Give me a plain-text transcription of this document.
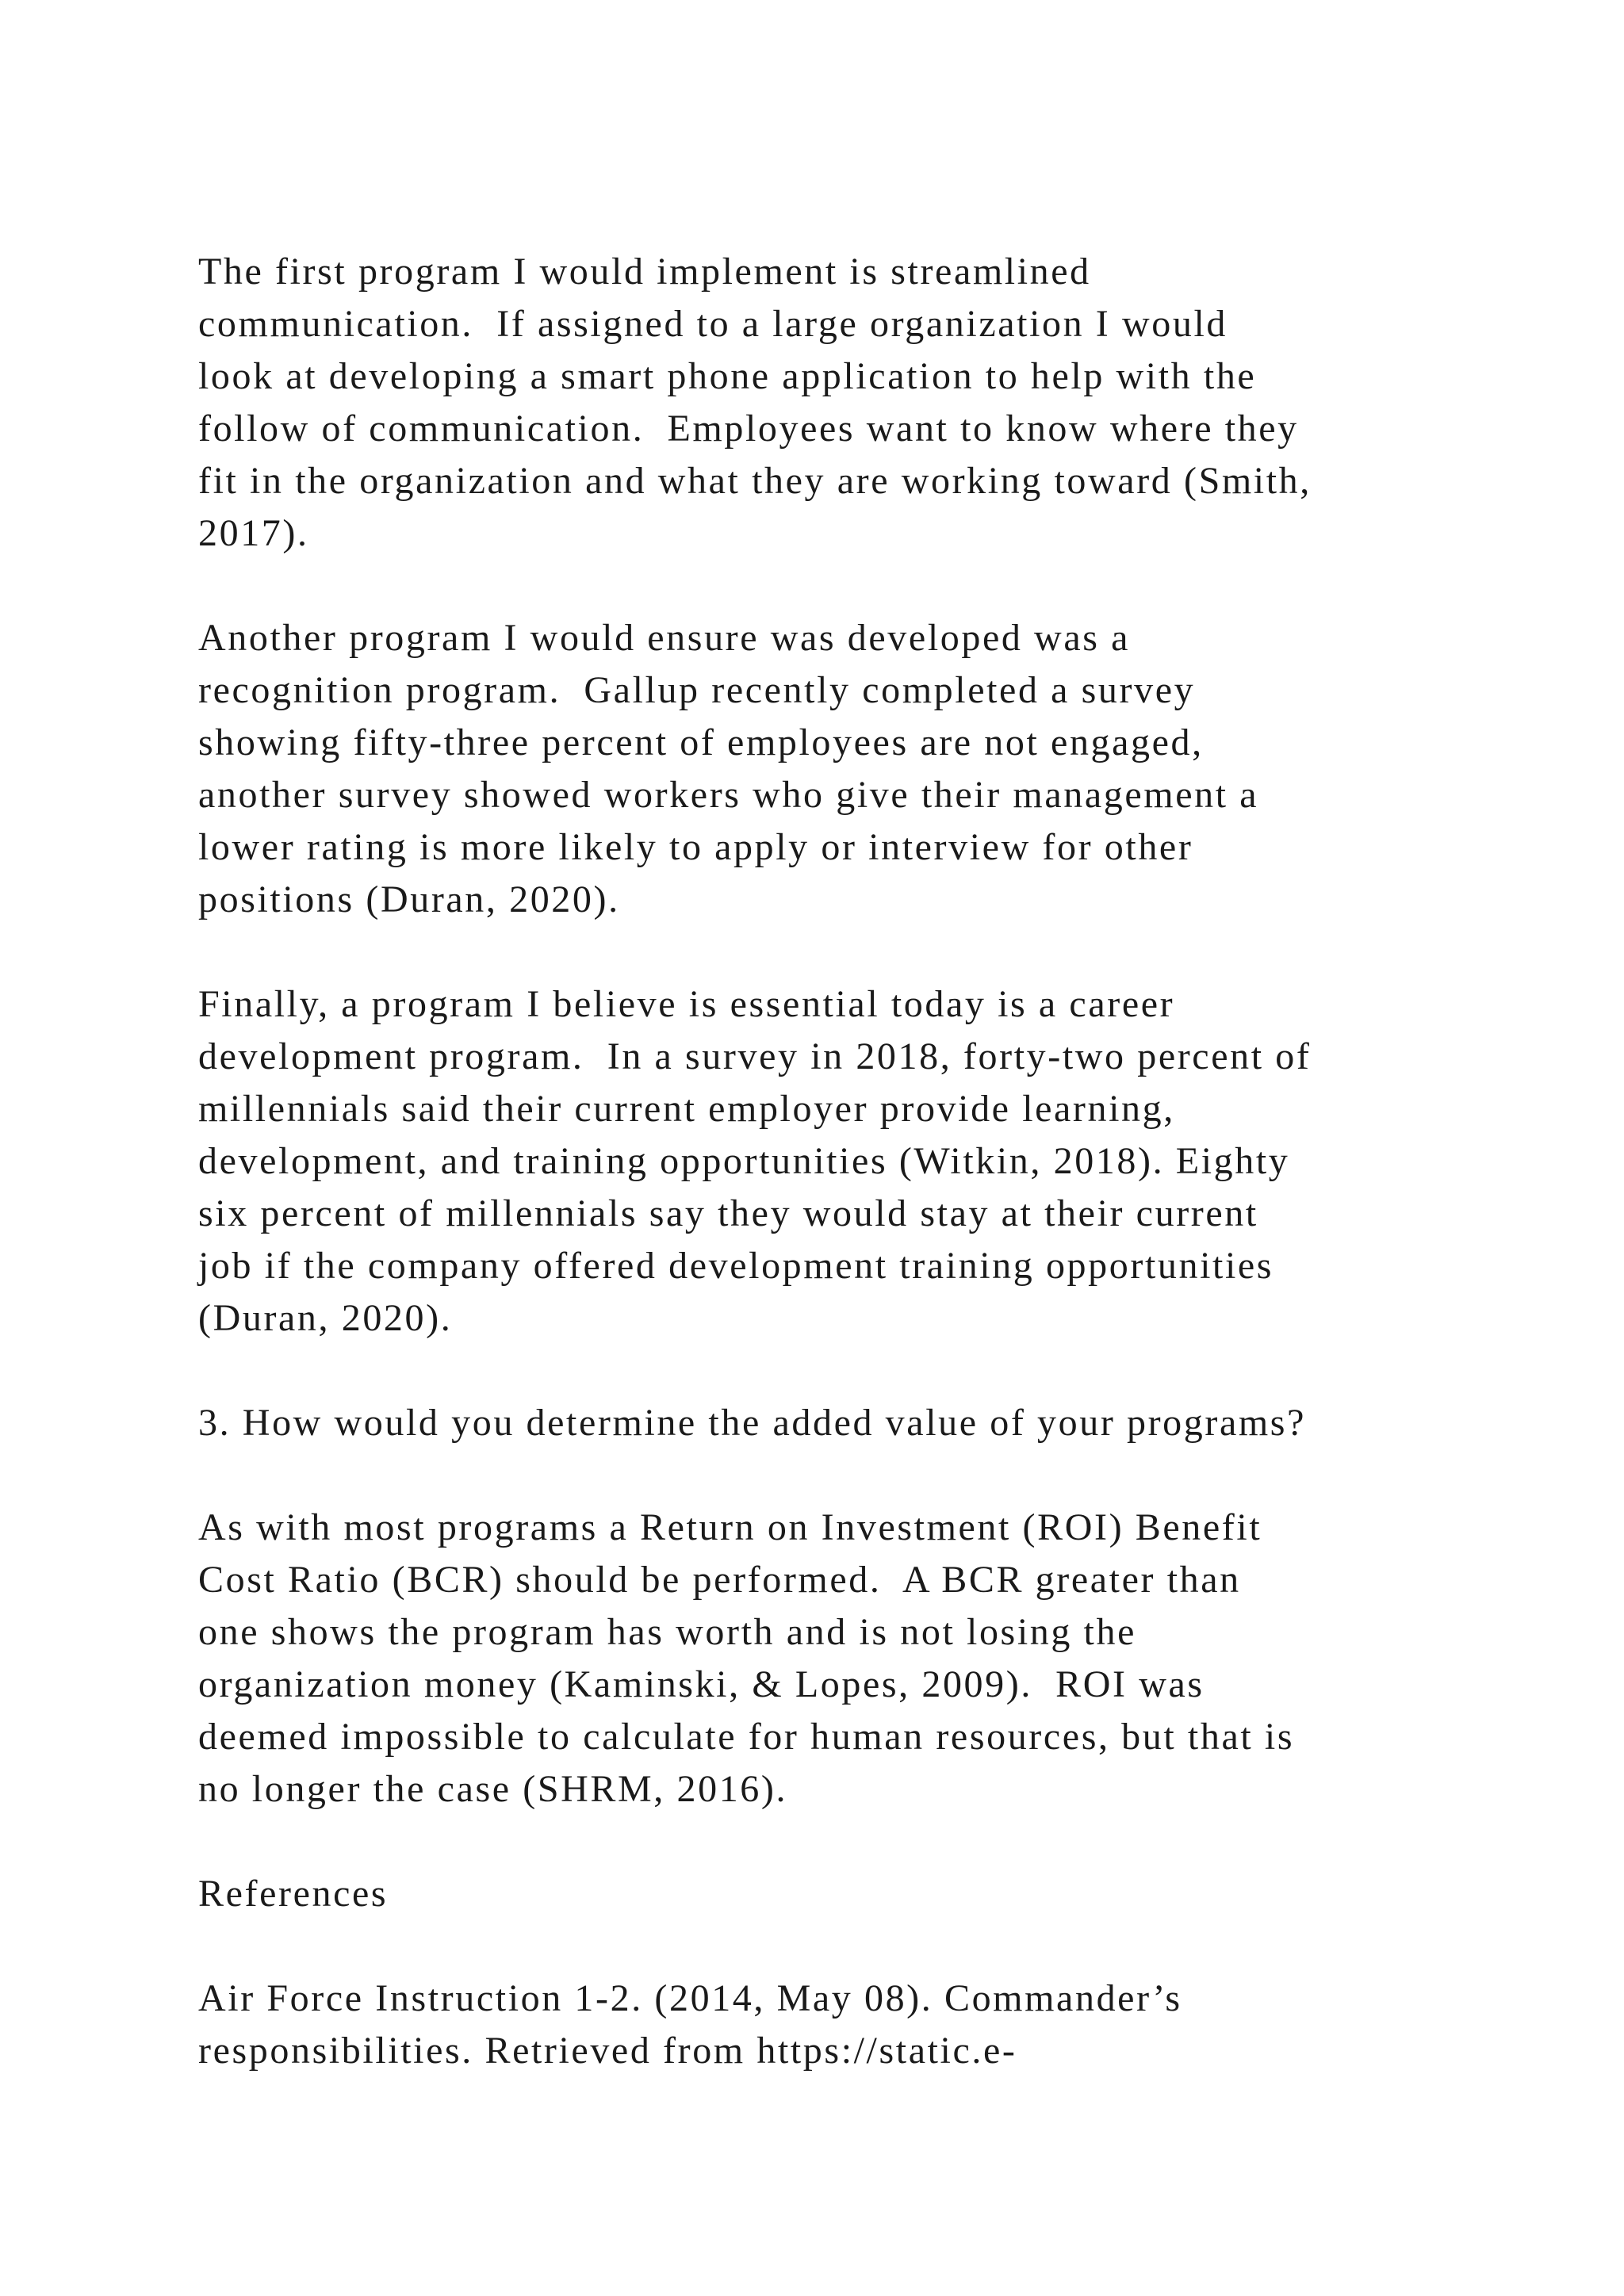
The first program I would implement is streamlined
communication.  If assigned to a large organization I would
look at developing a smart phone application to help with the
follow of communication.  Employees want to know where they
fit in the organization and what they are working toward (Smith,
2017).

Another program I would ensure was developed was a
recognition program.  Gallup recently completed a survey
showing fifty-three percent of employees are not engaged,
another survey showed workers who give their management a
lower rating is more likely to apply or interview for other
positions (Duran, 2020).

Finally, a program I believe is essential today is a career
development program.  In a survey in 2018, forty-two percent of
millennials said their current employer provide learning,
development, and training opportunities (Witkin, 2018). Eighty
six percent of millennials say they would stay at their current
job if the company offered development training opportunities
(Duran, 2020).

3. How would you determine the added value of your programs?

As with most programs a Return on Investment (ROI) Benefit
Cost Ratio (BCR) should be performed.  A BCR greater than
one shows the program has worth and is not losing the
organization money (Kaminski, & Lopes, 2009).  ROI was
deemed impossible to calculate for human resources, but that is
no longer the case (SHRM, 2016).

References

Air Force Instruction 1-2. (2014, May 08). Commander’s
responsibilities. Retrieved from https://static.e-
